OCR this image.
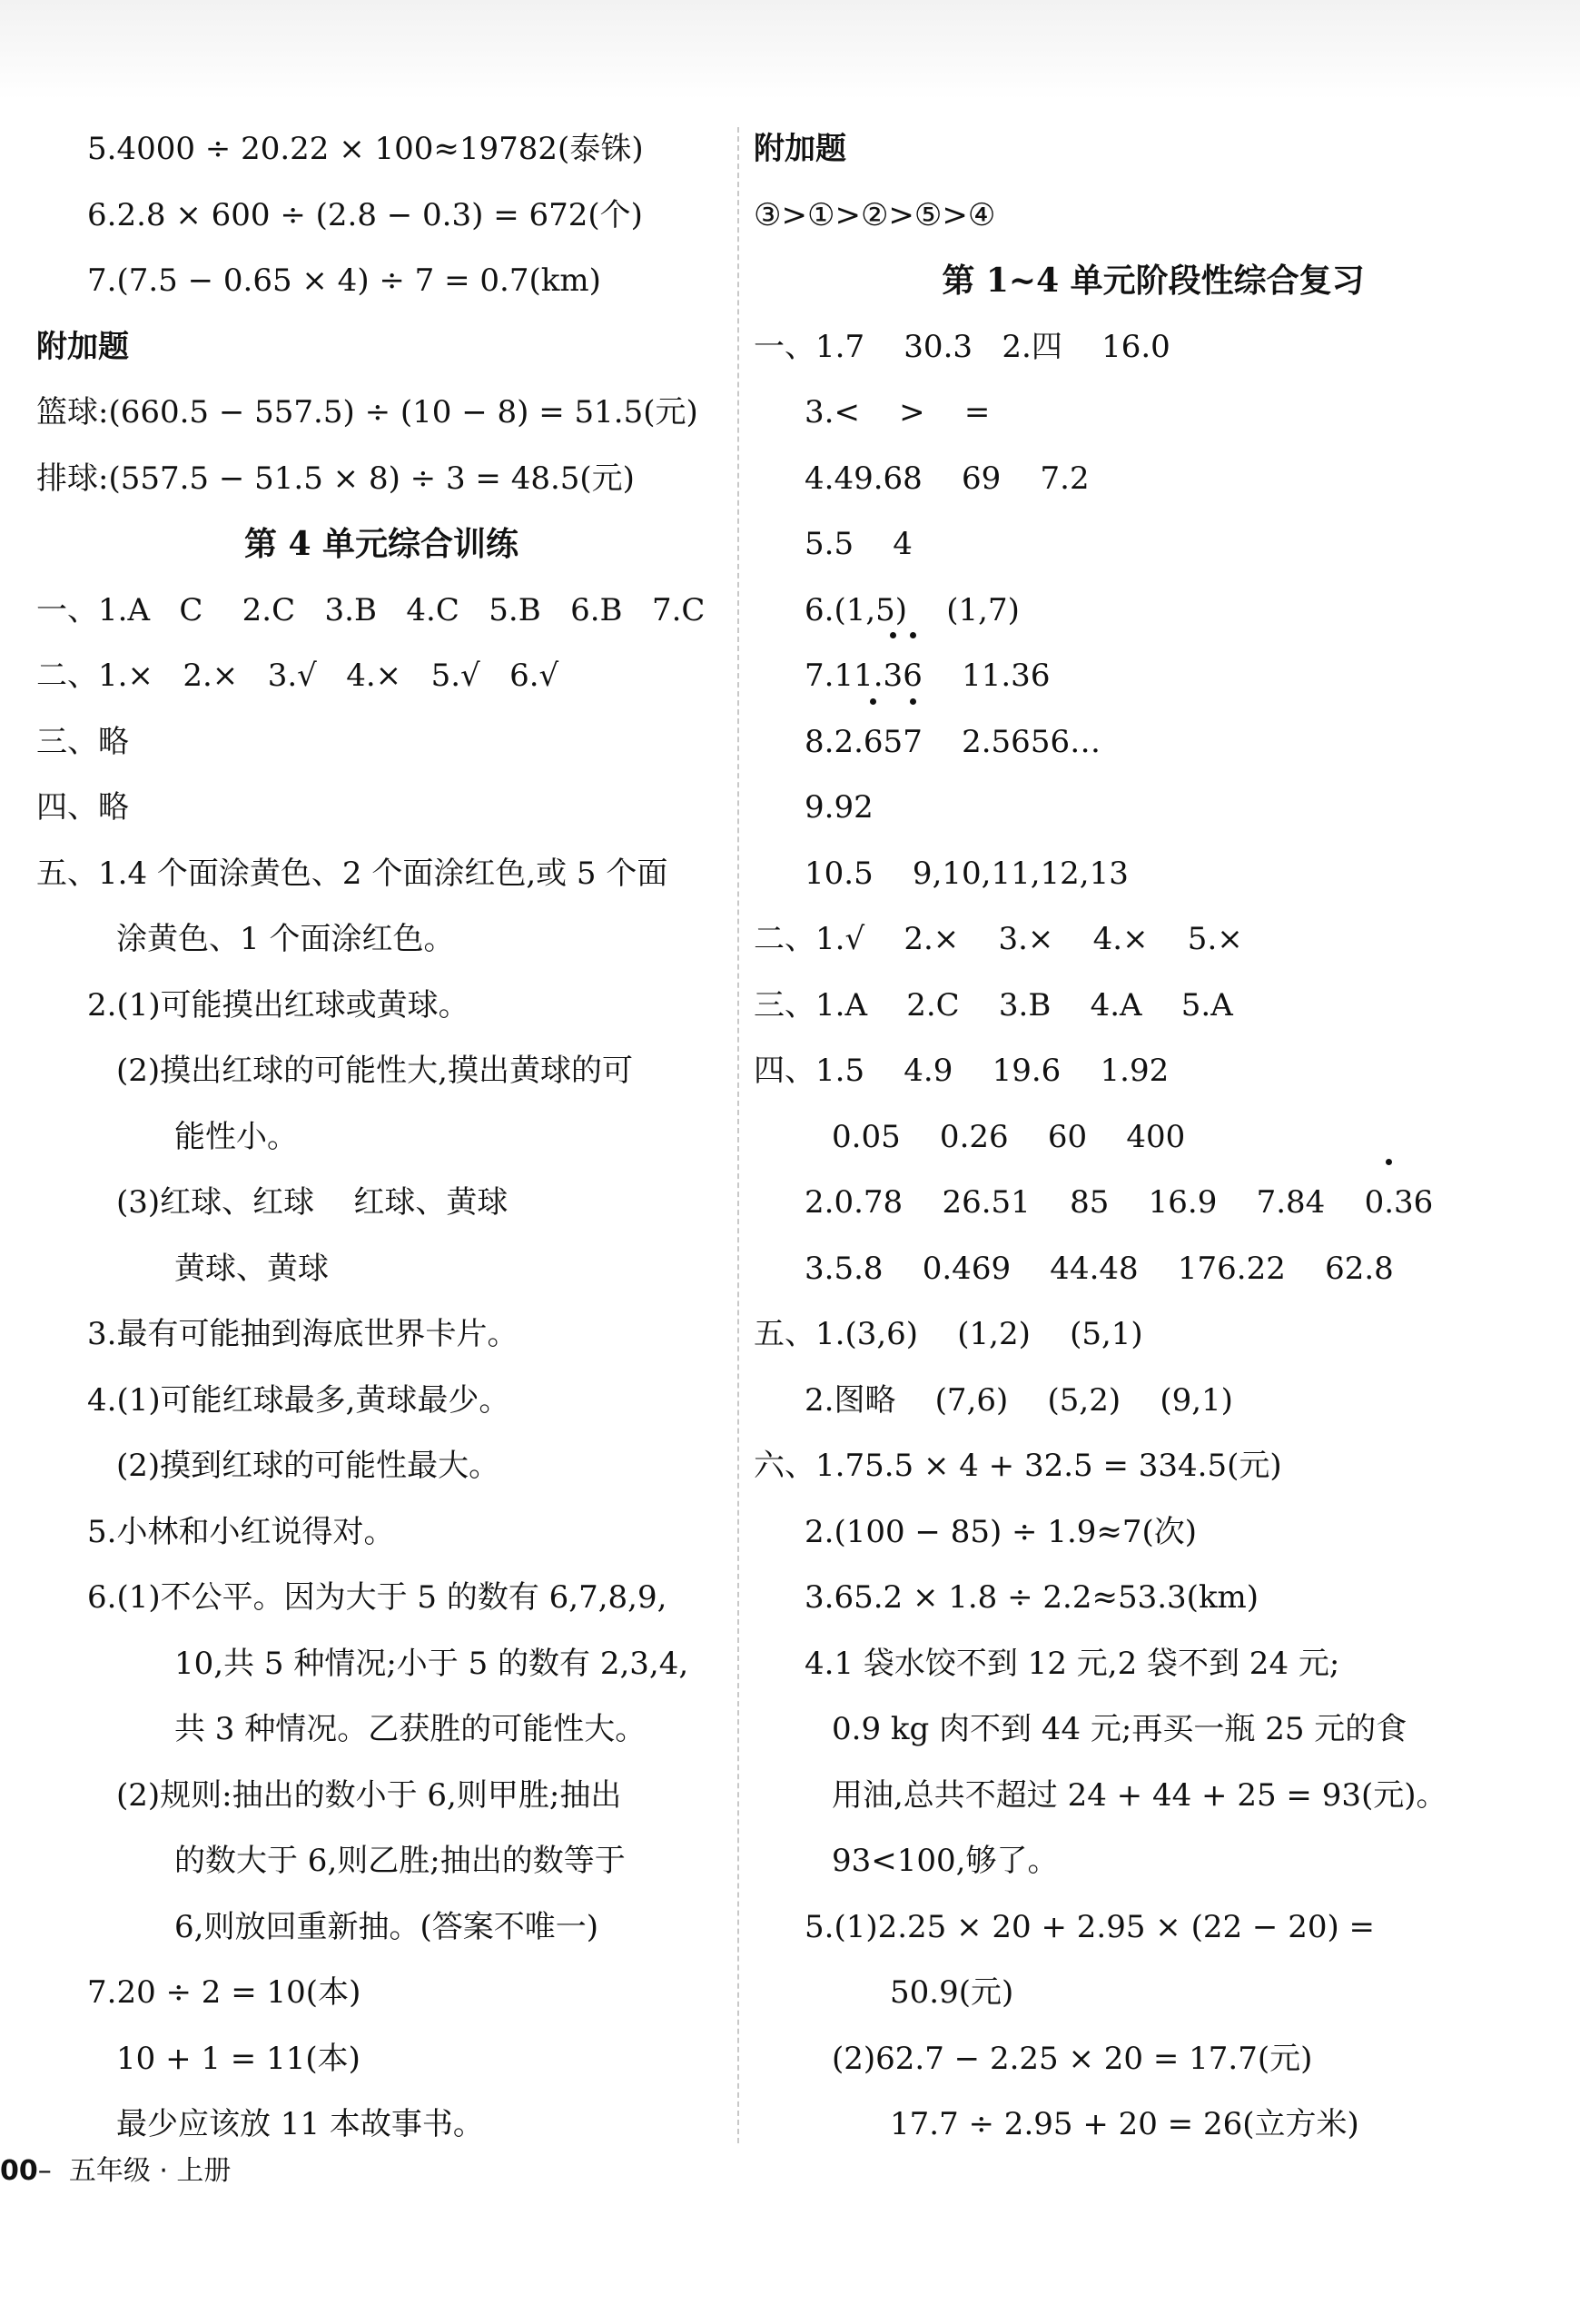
5.4000 ÷ 20.22 × 100≈19782(泰铢)
6.2.8 × 600 ÷ (2.8 − 0.3) = 672(个)
7.(7.5 − 0.65 × 4) ÷ 7 = 0.7(km)
附加题
篮球:(660.5 − 557.5) ÷ (10 − 8) = 51.5(元)
排球:(557.5 − 51.5 × 8) ÷ 3 = 48.5(元)
第 4 单元综合训练
一、1.A   C    2.C   3.B   4.C   5.B   6.B   7.C
二、1.×   2.×   3.√   4.×   5.√   6.√
三、略
四、略
五、1.4 个面涂黄色、2 个面涂红色,或 5 个面
涂黄色、1 个面涂红色。
2.(1)可能摸出红球或黄球。
(2)摸出红球的可能性大,摸出黄球的可
能性小。
(3)红球、红球    红球、黄球
黄球、黄球
3.最有可能抽到海底世界卡片。
4.(1)可能红球最多,黄球最少。
(2)摸到红球的可能性最大。
5.小林和小红说得对。
6.(1)不公平。因为大于 5 的数有 6,7,8,9,
10,共 5 种情况;小于 5 的数有 2,3,4,
共 3 种情况。乙获胜的可能性大。
(2)规则:抽出的数小于 6,则甲胜;抽出
的数大于 6,则乙胜;抽出的数等于
6,则放回重新抽。(答案不唯一)
7.20 ÷ 2 = 10(本)
10 + 1 = 11(本)
最少应该放 11 本故事书。
附加题
③>①>②>⑤>④
第 1~4 单元阶段性综合复习
一、1.7    30.3   2.四    16.0
3.<    >    =
4.49.68    69    7.2
5.5    4
6.(1,5)    (1,7)
7.11.3
6 11.36
8.2.6
57 2.5656…
9.92
10.5    9,10,11,12,13
二、1.√    2.×    3.×    4.×    5.×
三、1.A    2.C    3.B    4.A    5.A
四、1.5    4.9    19.6    1.92
0.05    0.26    60    400
2.0.78 26.51 85 16.9 7.84 0.
36
3.5.8    0.469    44.48    176.22    62.8
五、1.(3,6)    (1,2)    (5,1)
2.图略    (7,6)    (5,2)    (9,1)
六、1.75.5 × 4 + 32.5 = 334.5(元)
2.(100 − 85) ÷ 1.9≈7(次)
3.65.2 × 1.8 ÷ 2.2≈53.3(km)
4.1 袋水饺不到 12 元,2 袋不到 24 元;
0.9 kg 肉不到 44 元;再买一瓶 25 元的食
用油,总共不超过 24 + 44 + 25 = 93(元)。
93<100,够了。
5.(1)2.25 × 20 + 2.95 × (22 − 20) =
50.9(元)
(2)62.7 − 2.25 × 20 = 17.7(元)
17.7 ÷ 2.95 + 20 = 26(立方米)
00– 五年级 · 上册
